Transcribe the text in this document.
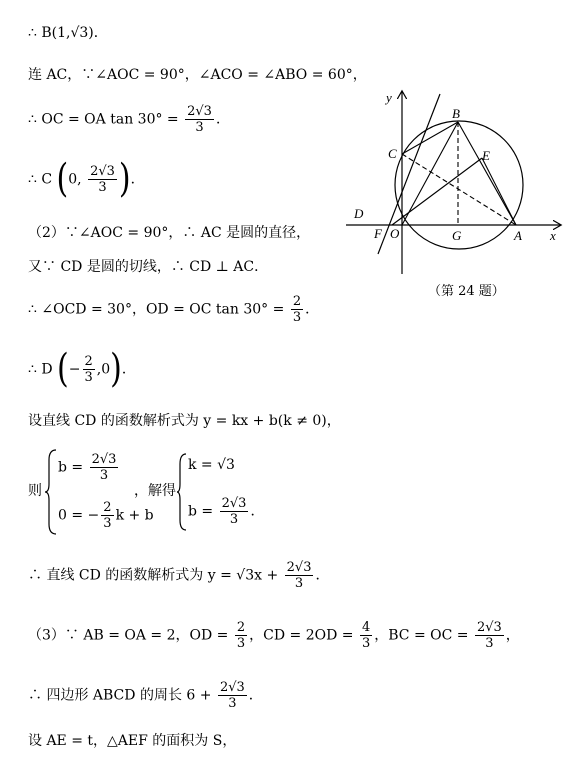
∴ B(1,√3)．
连 AC，∵∠AOC = 90°，∠ACO = ∠ABO = 60°，
∴ OC = OA $\tan 30^\circ = \frac{2√3}{3}$ ．
∴ C (0, $\frac{2√3}{3}$ )．
（2）∵∠AOC = 90°，∴ AC 是圆的直径，
又∵ CD 是圆的切线，∴ CD ⊥ AC．
∴ ∠OCD = 30°，OD = OC $\tan 30^\circ = \frac{2}{3}$ ．
∴ D (− $\frac{2}{3} ,0$)．
设直线 CD 的函数解析式为 y = kx + b(k ≠ 0)，
则
$b = \frac{2√3}{3}$
0 = − $\frac{2}{3}$ k + b
，解得
k = √3
$b = \frac{2√3}{3}$ ．
∴ 直线 CD 的函数解析式为 $y = √3x + \frac{2√3}{3}$ ．
（3）∵ AB = OA = 2，OD = $\frac{2}{3}$ ，CD = $2OD = \frac{4}{3}$ ，BC = OC = $\frac{2√3}{3}$ ，
∴ 四边形 ABCD 的周长 $6 + \frac{2√3}{3}$ ．
设 AE = t，△AEF 的面积为 S，
y
B
C	E
D
F O	G	A x
（第 24 题）
